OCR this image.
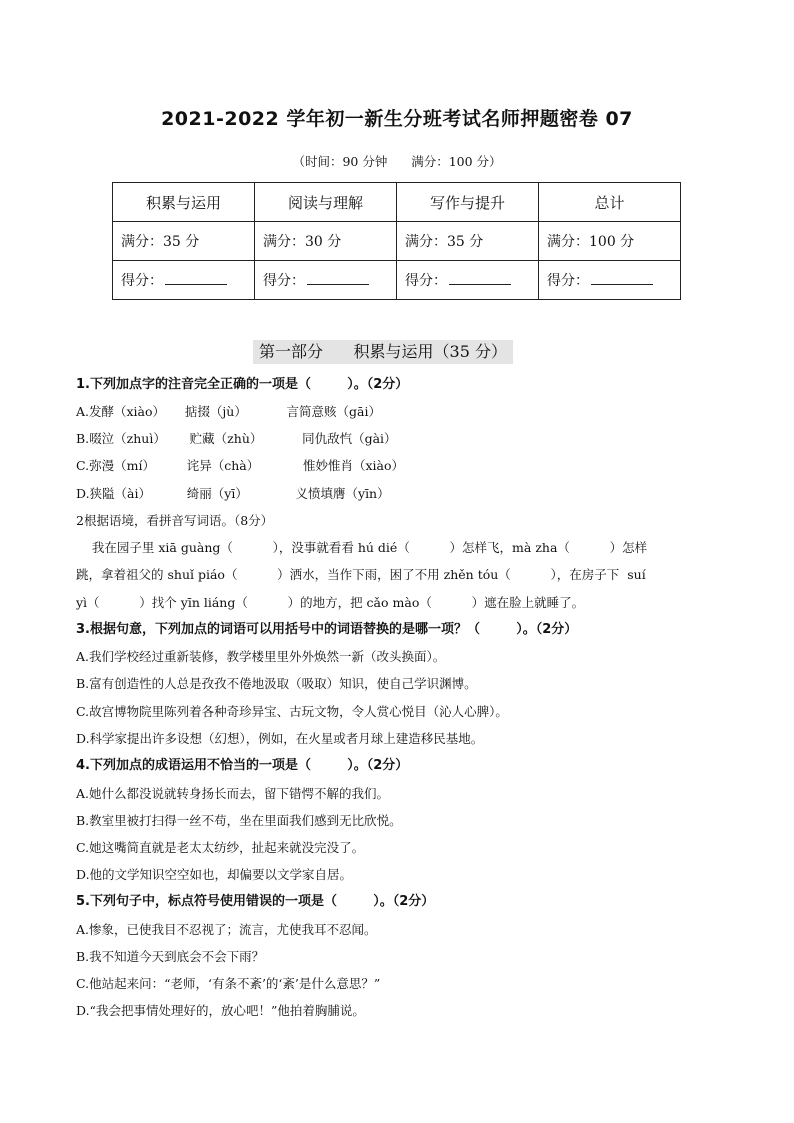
2021-2022 学年初一新生分班考试名师押题密卷 07
（时间：90 分钟      满分：100 分）
积累与运用	阅读与理解	写作与提升	总计
满分：35 分	满分：30 分	满分：35 分	满分：100 分
得分：	得分：	得分：	得分：
第一部分      积累与运用（35 分）
1.下列加点字的注音完全正确的一项是（        ）。（2分）
A.发酵（xiào）     掂掇（jù）          言简意赅（gāi）
B.啜泣（zhuì）      贮藏（zhù）          同仇敌忾（gài）
C.弥漫（mí）        诧异（chà）           惟妙惟肖（xiào）
D.狭隘（ài）         绮丽（yī）            义愤填膺（yīn）
2根据语境，看拼音写词语。（8分）
我在园子里 xiā guàng（          ），没事就看看 hú dié（          ）怎样飞，mà zha（          ）怎样
跳，拿着祖父的 shuǐ piáo（          ）洒水，当作下雨，困了不用 zhěn tóu（          ），在房子下  suí
yì（          ）找个 yīn liáng（          ）的地方，把 cǎo mào（          ）遮在脸上就睡了。
3.根据句意，下列加点的词语可以用括号中的词语替换的是哪一项？（        ）。（2分）
A.我们学校经过重新装修，教学楼里里外外焕然一新（改头换面）。
B.富有创造性的人总是孜孜不倦地汲取（吸取）知识，使自己学识渊博。
C.故宫博物院里陈列着各种奇珍异宝、古玩文物，令人赏心悦目（沁人心脾）。
D.科学家提出许多设想（幻想），例如，在火星或者月球上建造移民基地。
4.下列加点的成语运用不恰当的一项是（        ）。（2分）
A.她什么都没说就转身扬长而去，留下错愕不解的我们。
B.教室里被打扫得一丝不苟，坐在里面我们感到无比欣悦。
C.她这嘴简直就是老太太纺纱，扯起来就没完没了。
D.他的文学知识空空如也，却偏要以文学家自居。
5.下列句子中，标点符号使用错误的一项是（        ）。（2分）
A.惨象，已使我目不忍视了；流言，尤使我耳不忍闻。
B.我不知道今天到底会不会下雨？
C.他站起来问：“老师，‘有条不紊’的‘紊’是什么意思？”
D.“我会把事情处理好的，放心吧！”他拍着胸脯说。
